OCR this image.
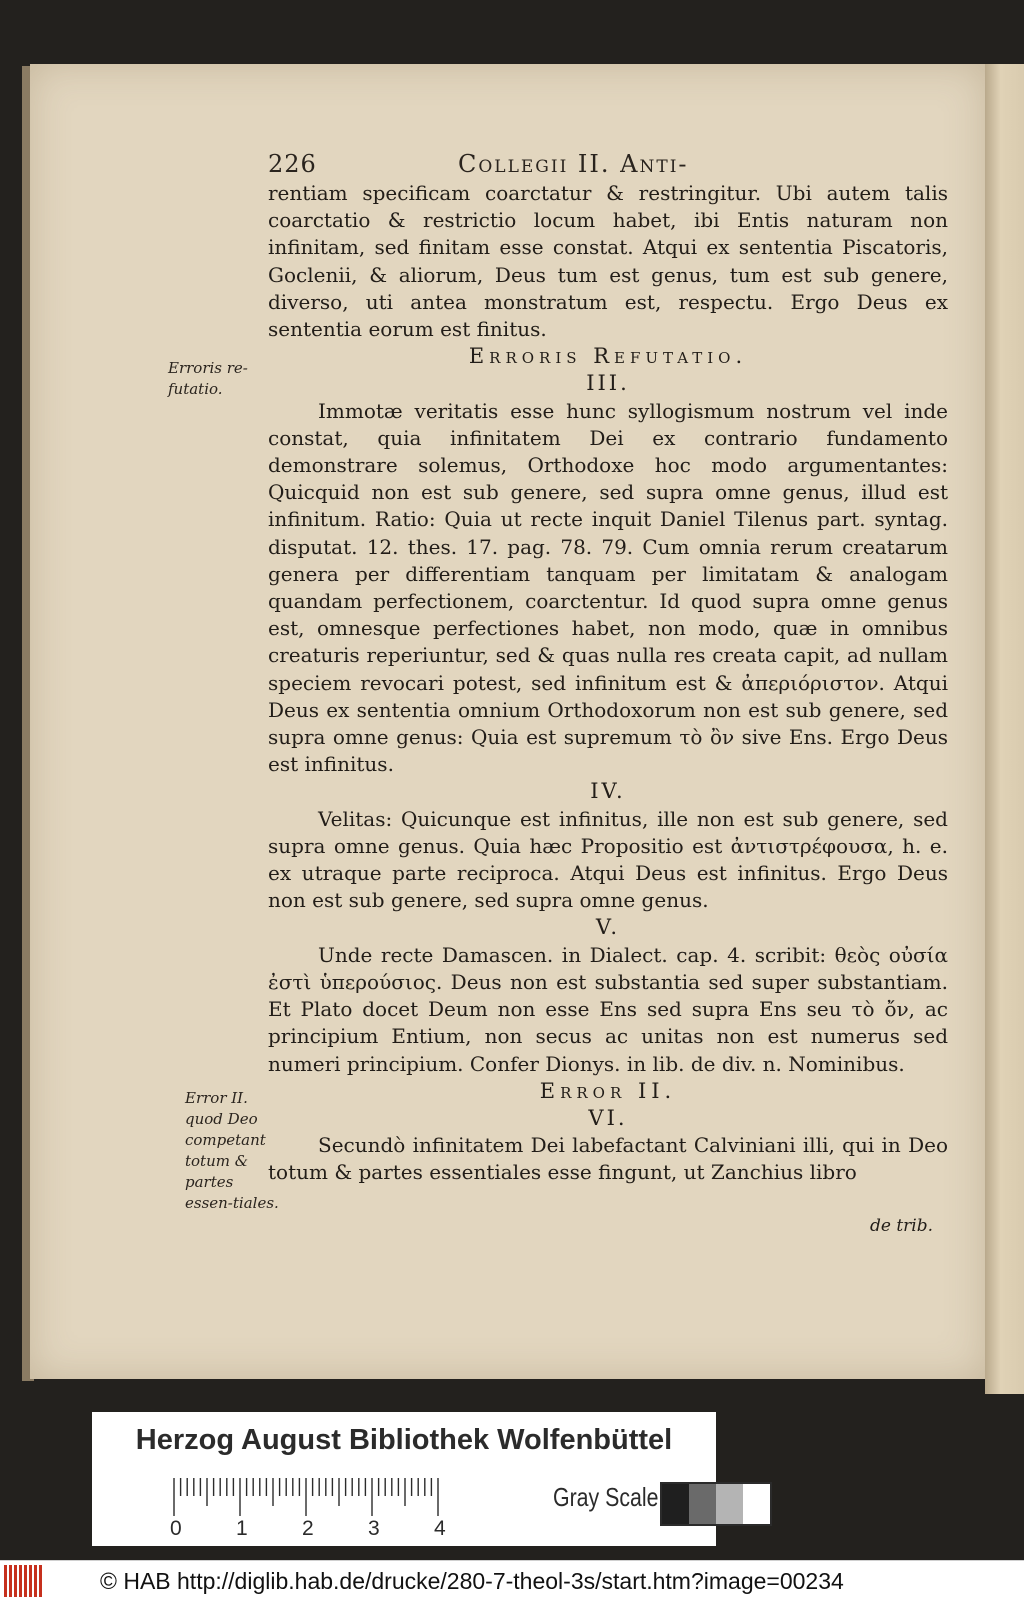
226	Collegii II. Anti-
Erroris re-futatio.
Error II. quod Deo competant totum & partes essen-tiales.

rentiam specificam coarctatur & restringitur. Ubi autem talis coarctatio & restrictio locum habet, ibi Entis naturam non infinitam, sed finitam esse constat. Atqui ex sententia Piscatoris, Goclenii, & aliorum, Deus tum est genus, tum est sub genere, diverso, uti antea monstratum est, respectu. Ergo Deus ex sententia eorum est finitus.

Erroris Refutatio.

III.

Immotæ veritatis esse hunc syllogismum nostrum vel inde constat, quia infinitatem Dei ex contrario fundamento demonstrare solemus, Orthodoxe hoc modo argumentantes: Quicquid non est sub genere, sed supra omne genus, illud est infinitum. Ratio: Quia ut recte inquit Daniel Tilenus part. syntag. disputat. 12. thes. 17. pag. 78. 79. Cum omnia rerum creatarum genera per differentiam tanquam per limitatam & analogam quandam perfectionem, coarctentur. Id quod supra omne genus est, omnesque perfectiones habet, non modo, quæ in omnibus creaturis reperiuntur, sed & quas nulla res creata capit, ad nullam speciem revocari potest, sed infinitum est & ἀπεριόριστον. Atqui Deus ex sententia omnium Orthodoxorum non est sub genere, sed supra omne genus: Quia est supremum τὸ ὂν sive Ens. Ergo Deus est infinitus.

IV.

Velitas: Quicunque est infinitus, ille non est sub genere, sed supra omne genus. Quia hæc Propositio est ἀντιστρέφουσα, h. e. ex utraque parte reciproca. Atqui Deus est infinitus. Ergo Deus non est sub genere, sed supra omne genus.

V.

Unde recte Damascen. in Dialect. cap. 4. scribit: θεὸς οὐσία ἐστὶ ὑπερούσιος. Deus non est substantia sed super substantiam. Et Plato docet Deum non esse Ens sed supra Ens seu τὸ ὄν, ac principium Entium, non secus ac unitas non est numerus sed numeri principium. Confer Dionys. in lib. de div. n. Nominibus.

Error II.

VI.

Secundò infinitatem Dei labefactant Calviniani illi, qui in Deo totum & partes essentiales esse fingunt, ut Zanchius libro

de trib.
Herzog August Bibliothek Wolfenbüttel
0	1	2	3	4
Gray Scale
© HAB http://diglib.hab.de/drucke/280-7-theol-3s/start.htm?image=00234
